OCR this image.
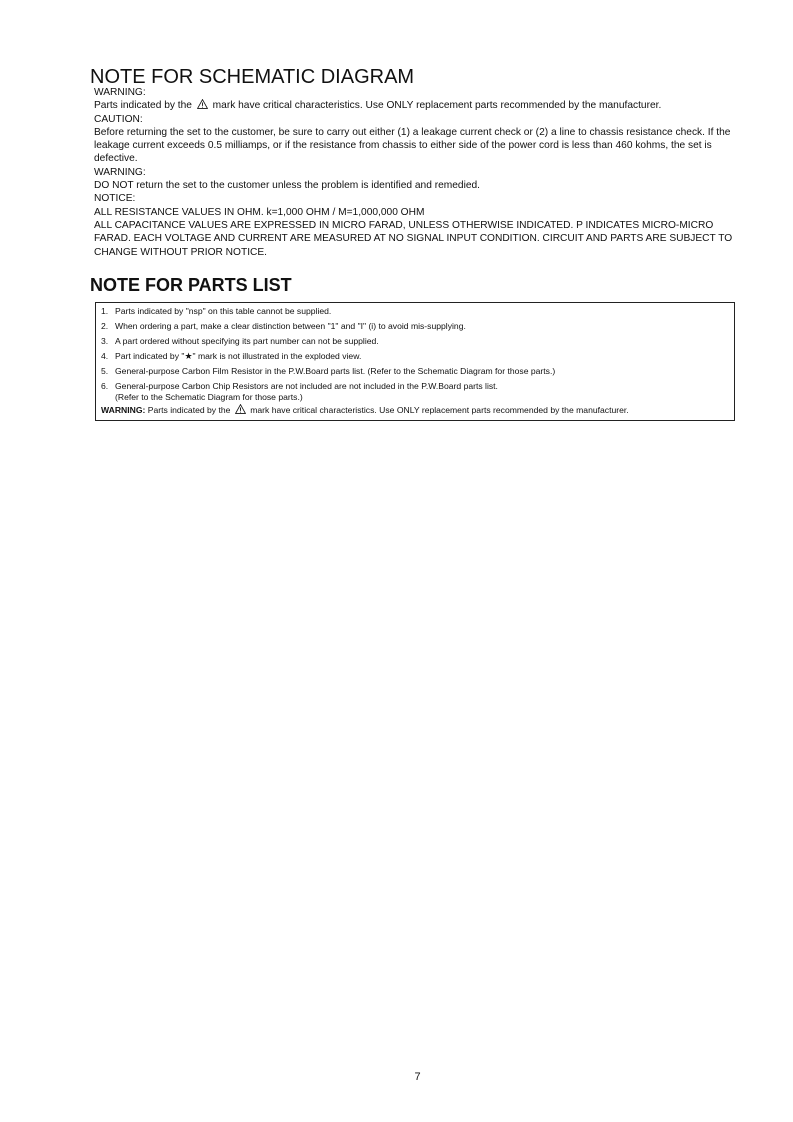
NOTE FOR SCHEMATIC DIAGRAM

WARNING:

Parts indicated by the mark have critical characteristics. Use ONLY replacement parts recommended by the manufacturer.

CAUTION:

Before returning the set to the customer, be sure to carry out either (1) a leakage current check or (2) a line to chassis resistance check. If the leakage current exceeds 0.5 milliamps, or if the resistance from chassis to either side of the power cord is less than 460 kohms, the set is defective.

WARNING:

DO NOT return the set to the customer unless the problem is identified and remedied.

NOTICE:

ALL RESISTANCE VALUES IN OHM. k=1,000 OHM / M=1,000,000 OHM

ALL CAPACITANCE VALUES ARE EXPRESSED IN MICRO FARAD, UNLESS OTHERWISE INDICATED. P INDICATES MICRO-MICRO FARAD. EACH VOLTAGE AND CURRENT ARE MEASURED AT NO SIGNAL INPUT CONDITION. CIRCUIT AND PARTS ARE SUBJECT TO CHANGE WITHOUT PRIOR NOTICE.

NOTE FOR PARTS LIST
1. Parts indicated by "nsp" on this table cannot be supplied.
2. When ordering a part, make a clear distinction between "1" and "I" (i) to avoid mis-supplying.
3. A part ordered without specifying its part number can not be supplied.
4. Part indicated by "★" mark is not illustrated in the exploded view.
5. General-purpose Carbon Film Resistor in the P.W.Board parts list. (Refer to the Schematic Diagram for those parts.)
6. General-purpose Carbon Chip Resistors are not included are not included in the P.W.Board parts list.
(Refer to the Schematic Diagram for those parts.)
WARNING: Parts indicated by the mark have critical characteristics. Use ONLY replacement parts recommended by the manufacturer.
7
